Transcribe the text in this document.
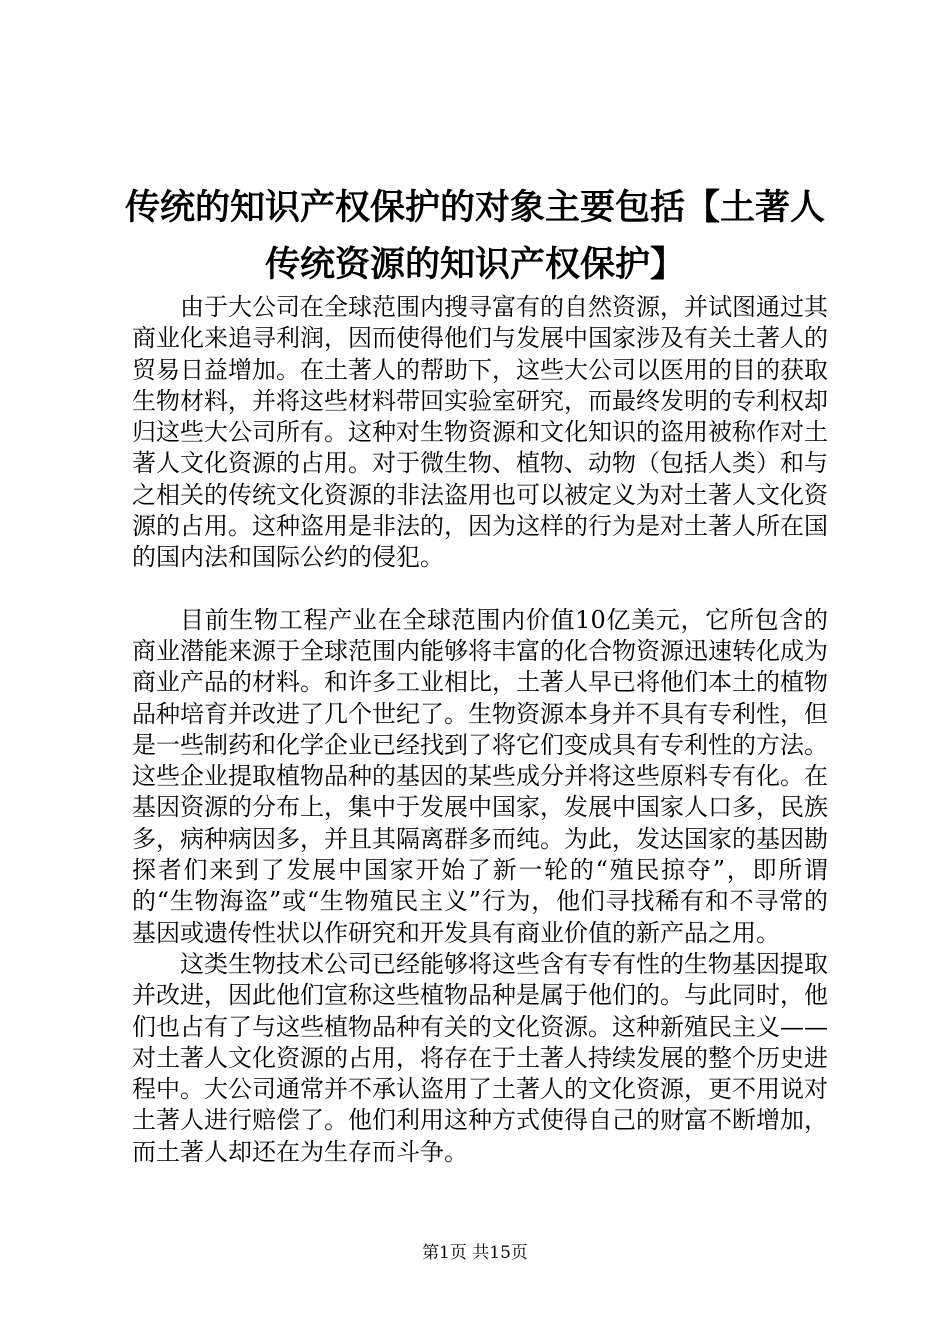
传统的知识产权保护的对象主要包括【土著人
传统资源的知识产权保护】

由于大公司在全球范围内搜寻富有的自然资源，并试图通过其商业化来追寻利润，因而使得他们与发展中国家涉及有关土著人的贸易日益增加。在土著人的帮助下，这些大公司以医用的目的获取生物材料，并将这些材料带回实验室研究，而最终发明的专利权却归这些大公司所有。这种对生物资源和文化知识的盗用被称作对土著人文化资源的占用。对于微生物、植物、动物（包括人类）和与之相关的传统文化资源的非法盗用也可以被定义为对土著人文化资源的占用。这种盗用是非法的，因为这样的行为是对土著人所在国的国内法和国际公约的侵犯。

目前生物工程产业在全球范围内价值10亿美元，它所包含的商业潜能来源于全球范围内能够将丰富的化合物资源迅速转化成为商业产品的材料。和许多工业相比，土著人早已将他们本土的植物品种培育并改进了几个世纪了。生物资源本身并不具有专利性，但是一些制药和化学企业已经找到了将它们变成具有专利性的方法。这些企业提取植物品种的基因的某些成分并将这些原料专有化。在基因资源的分布上，集中于发展中国家，发展中国家人口多，民族多，病种病因多，并且其隔离群多而纯。为此，发达国家的基因勘探者们来到了发展中国家开始了新一轮的“殖民掠夺”，即所谓的“生物海盗”或“生物殖民主义”行为，他们寻找稀有和不寻常的基因或遗传性状以作研究和开发具有商业价值的新产品之用。

这类生物技术公司已经能够将这些含有专有性的生物基因提取并改进，因此他们宣称这些植物品种是属于他们的。与此同时，他们也占有了与这些植物品种有关的文化资源。这种新殖民主义——对土著人文化资源的占用，将存在于土著人持续发展的整个历史进程中。大公司通常并不承认盗用了土著人的文化资源，更不用说对土著人进行赔偿了。他们利用这种方式使得自己的财富不断增加，而土著人却还在为生存而斗争。

第1页 共15页
